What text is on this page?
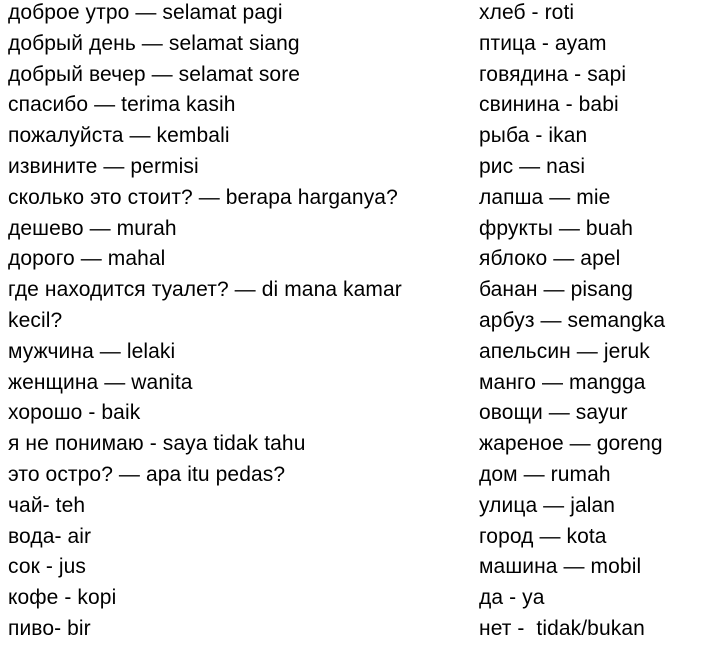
доброе утро — selamat pagi
добрый день — selamat siang
добрый вечер — selamat sore
спасибо — terima kasih
пожалуйста — kembali
извините — permisi
сколько это стоит? — berapa harganya?
дешево — murah
дорого — mahal
где находится туалет? — di mana kamar
kecil?
мужчина — lelaki
женщина — wanita
хорошо - baik
я не понимаю - saya tidak tahu
это остро? — apa itu pedas?
чай- teh
вода- air
сок - jus
кофе - kopi
пиво- bir
хлеб - roti
птица - ayam
говядина - sapi
свинина - babi
рыба - ikan
рис — nasi
лапша — mie
фрукты — buah
яблоко — apel
банан — pisang
арбуз — semangka
апельсин — jeruk
манго — mangga
овощи — sayur
жареное — goreng
дом — rumah
улица — jalan
город — kota
машина — mobil
да - ya
нет -  tidak/bukan
